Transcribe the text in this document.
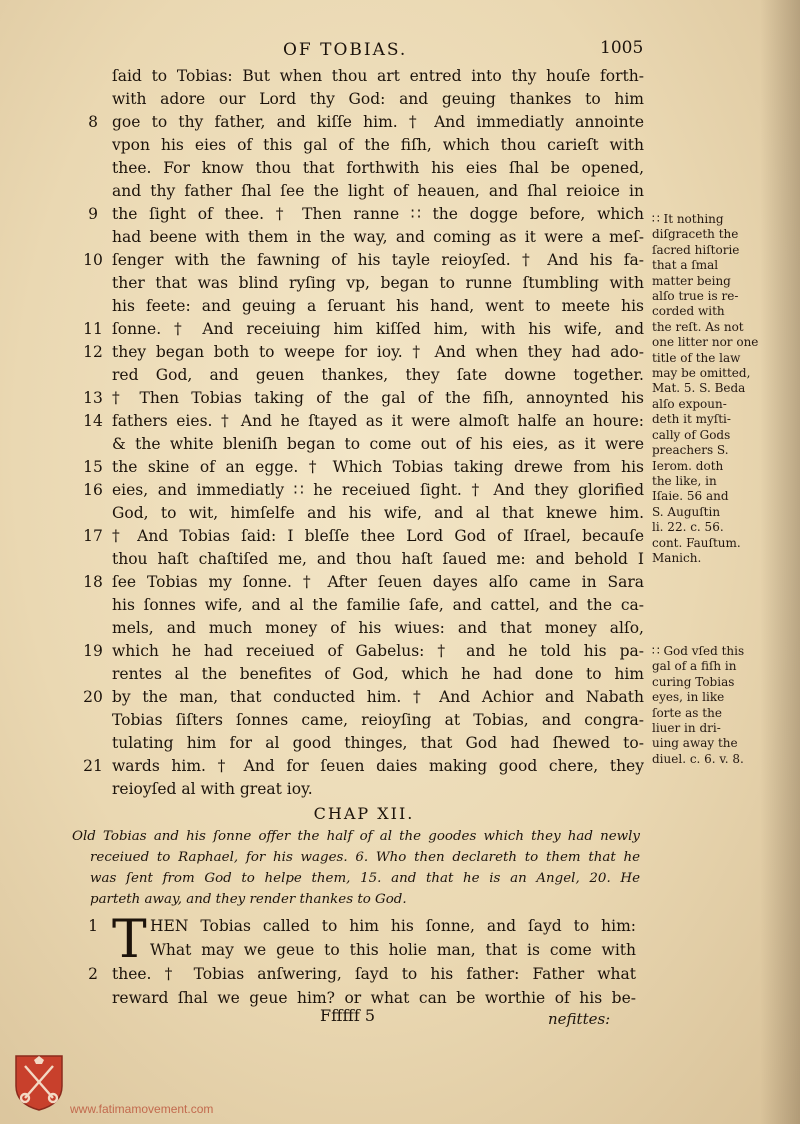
OF TOBIAS.	1005
ſaid to Tobias: But when thou art entred into thy houſe forth-
with adore our Lord thy God: and geuing thankes to him
8 goe to thy father, and kiſſe him. † And immediatly annointe
vpon his eies of this gal of the fiſh, which thou carieſt with
thee. For know thou that forthwith his eies ſhal be opened,
and thy father ſhal ſee the light of heauen, and ſhal reioice in
9 the ſight of thee. † Then ranne ∷ the dogge before, which
had beene with them in the way, and coming as it were a meſ-
10 ſenger with the fawning of his tayle reioyſed. † And his fa-
ther that was blind ryſing vp, began to runne ſtumbling with
his feete: and geuing a ſeruant his hand, went to meete his
11 ſonne. † And receiuing him kiſſed him, with his wife, and
12 they began both to weepe for ioy. † And when they had ado-
red God, and geuen thankes, they ſate downe together.
13 † Then Tobias taking of the gal of the fiſh, annoynted his
14 fathers eies. † And he ſtayed as it were almoſt halfe an houre:
& the white bleniſh began to come out of his eies, as it were
15 the skine of an egge. † Which Tobias taking drewe from his
16 eies, and immediatly ∷ he receiued ſight. † And they glorified
God, to wit, himſelfe and his wife, and al that knewe him.
17 † And Tobias ſaid: I bleſſe thee Lord God of Iſrael, becauſe
thou haſt chaſtiſed me, and thou haſt ſaued me: and behold I
18 ſee Tobias my ſonne. † After ſeuen dayes alſo came in Sara
his ſonnes wife, and al the familie ſafe, and cattel, and the ca-
mels, and much money of his wiues: and that money alſo,
19 which he had receiued of Gabelus: † and he told his pa-
rentes al the benefites of God, which he had done to him
20 by the man, that conducted him. † And Achior and Nabath
Tobias ſiſters ſonnes came, reioyſing at Tobias, and congra-
tulating him for al good thinges, that God had ſhewed to-
21 wards him. † And for ſeuen daies making good chere, they
reioyſed al with great ioy.
∷ It nothing
diſgraceth the
ſacred hiſtorie
that a ſmal
matter being
alſo true is re-
corded with
the reſt. As not
one litter nor one
title of the law
may be omitted,
Mat. 5. S. Beda
alſo expoun-
deth it myſti-
cally of Gods
preachers S.
Ierom. doth
the like, in
Iſaie. 56 and
S. Auguſtin
li. 22. c. 56.
cont. Fauſtum.
Manich.
∷ God vſed this
gal of a fiſh in
curing Tobias
eyes, in like
ſorte as the
liuer in dri-
uing away the
diuel. c. 6. v. 8.
CHAP XII.
Old Tobias and his ſonne offer the half of al the goodes which they had newly
receiued to Raphael, for his wages. 6. Who then declareth to them that he
was ſent from God to helpe them, 15. and that he is an Angel, 20. He
parteth away, and they render thankes to God.
1 T HEN Tobias called to him his ſonne, and ſayd to him:
What may we geue to this holie man, that is come with
2 thee. † Tobias anſwering, ſayd to his father: Father what
reward ſhal we geue him? or what can be worthie of his be-
Ffffff 5	nefittes:
www.fatimamovement.com
